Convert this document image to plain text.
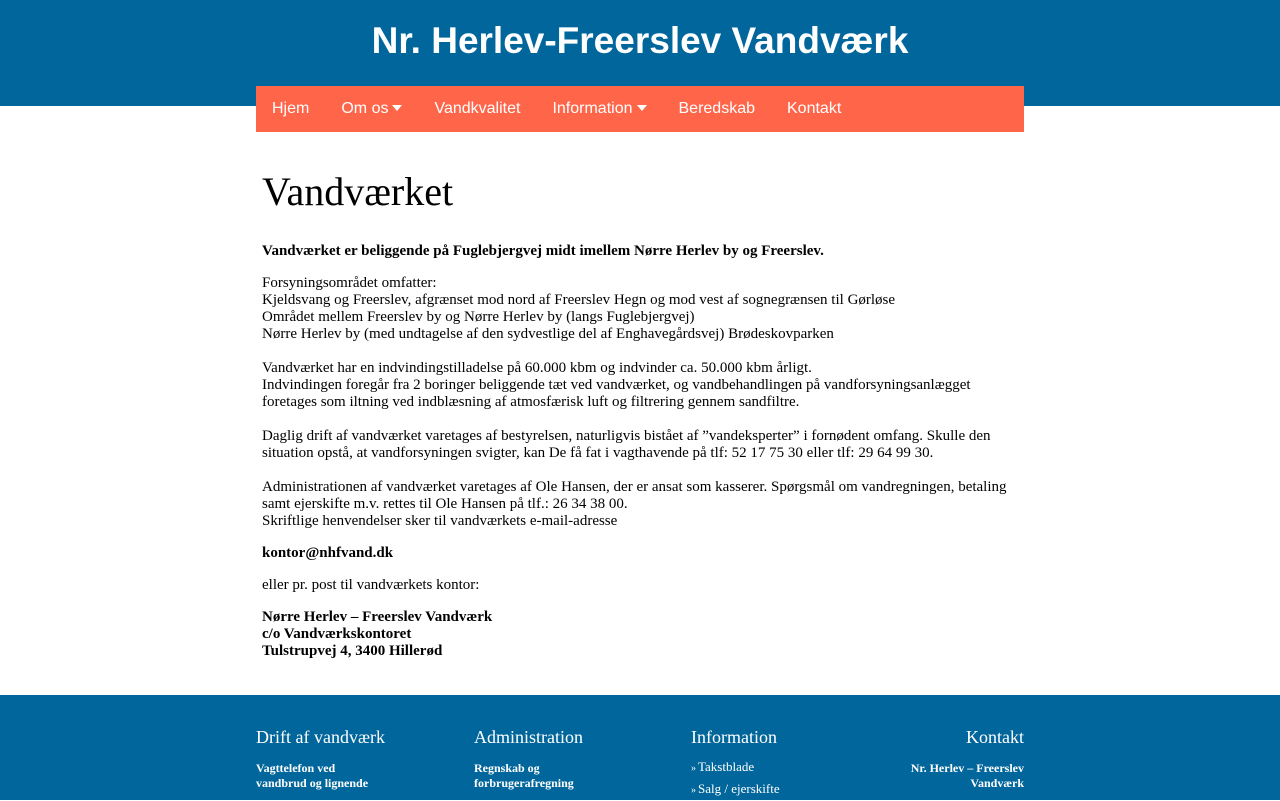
Nr. Herlev-Freerslev Vandværk
Hjem	Om os	Vandkvalitet	Information	Beredskab	Kontakt
Vandværket
Vandværket er beliggende på Fuglebjergvej midt imellem Nørre Herlev by og Freerslev.
Forsyningsområdet omfatter:
Kjeldsvang og Freerslev, afgrænset mod nord af Freerslev Hegn og mod vest af sognegrænsen til Gørløse
Området mellem Freerslev by og Nørre Herlev by (langs Fuglebjergvej)
Nørre Herlev by (med undtagelse af den sydvestlige del af Enghavegårdsvej) Brødeskovparken
Vandværket har en indvindingstilladelse på 60.000 kbm og indvinder ca. 50.000 kbm årligt.
Indvindingen foregår fra 2 boringer beliggende tæt ved vandværket, og vandbehandlingen på vandforsyningsanlægget foretages som iltning ved indblæsning af atmosfærisk luft og filtrering gennem sandfiltre.
Daglig drift af vandværket varetages af bestyrelsen, naturligvis bistået af ”vandeksperter” i fornødent omfang. Skulle den situation opstå, at vandforsyningen svigter, kan De få fat i vagthavende på tlf: 52 17 75 30 eller tlf: 29 64 99 30.
Administrationen af vandværket varetages af Ole Hansen, der er ansat som kasserer. Spørgsmål om vandregningen, betaling samt ejerskifte m.v. rettes til Ole Hansen på tlf.: 26 34 38 00.
Skriftlige henvendelser sker til vandværkets e-mail-adresse
kontor@nhfvand.dk
eller pr. post til vandværkets kontor:
Nørre Herlev – Freerslev Vandværk
c/o Vandværkskontoret
Tulstrupvej 4, 3400 Hillerød
Drift af vandværk
Vagttelefon ved
vandbrud og lignende
Administration
Regnskab og
forbrugerafregning
Information
» Takstblade
» Salg / ejerskifte
Kontakt
Nr. Herlev – Freerslev
Vandværk
